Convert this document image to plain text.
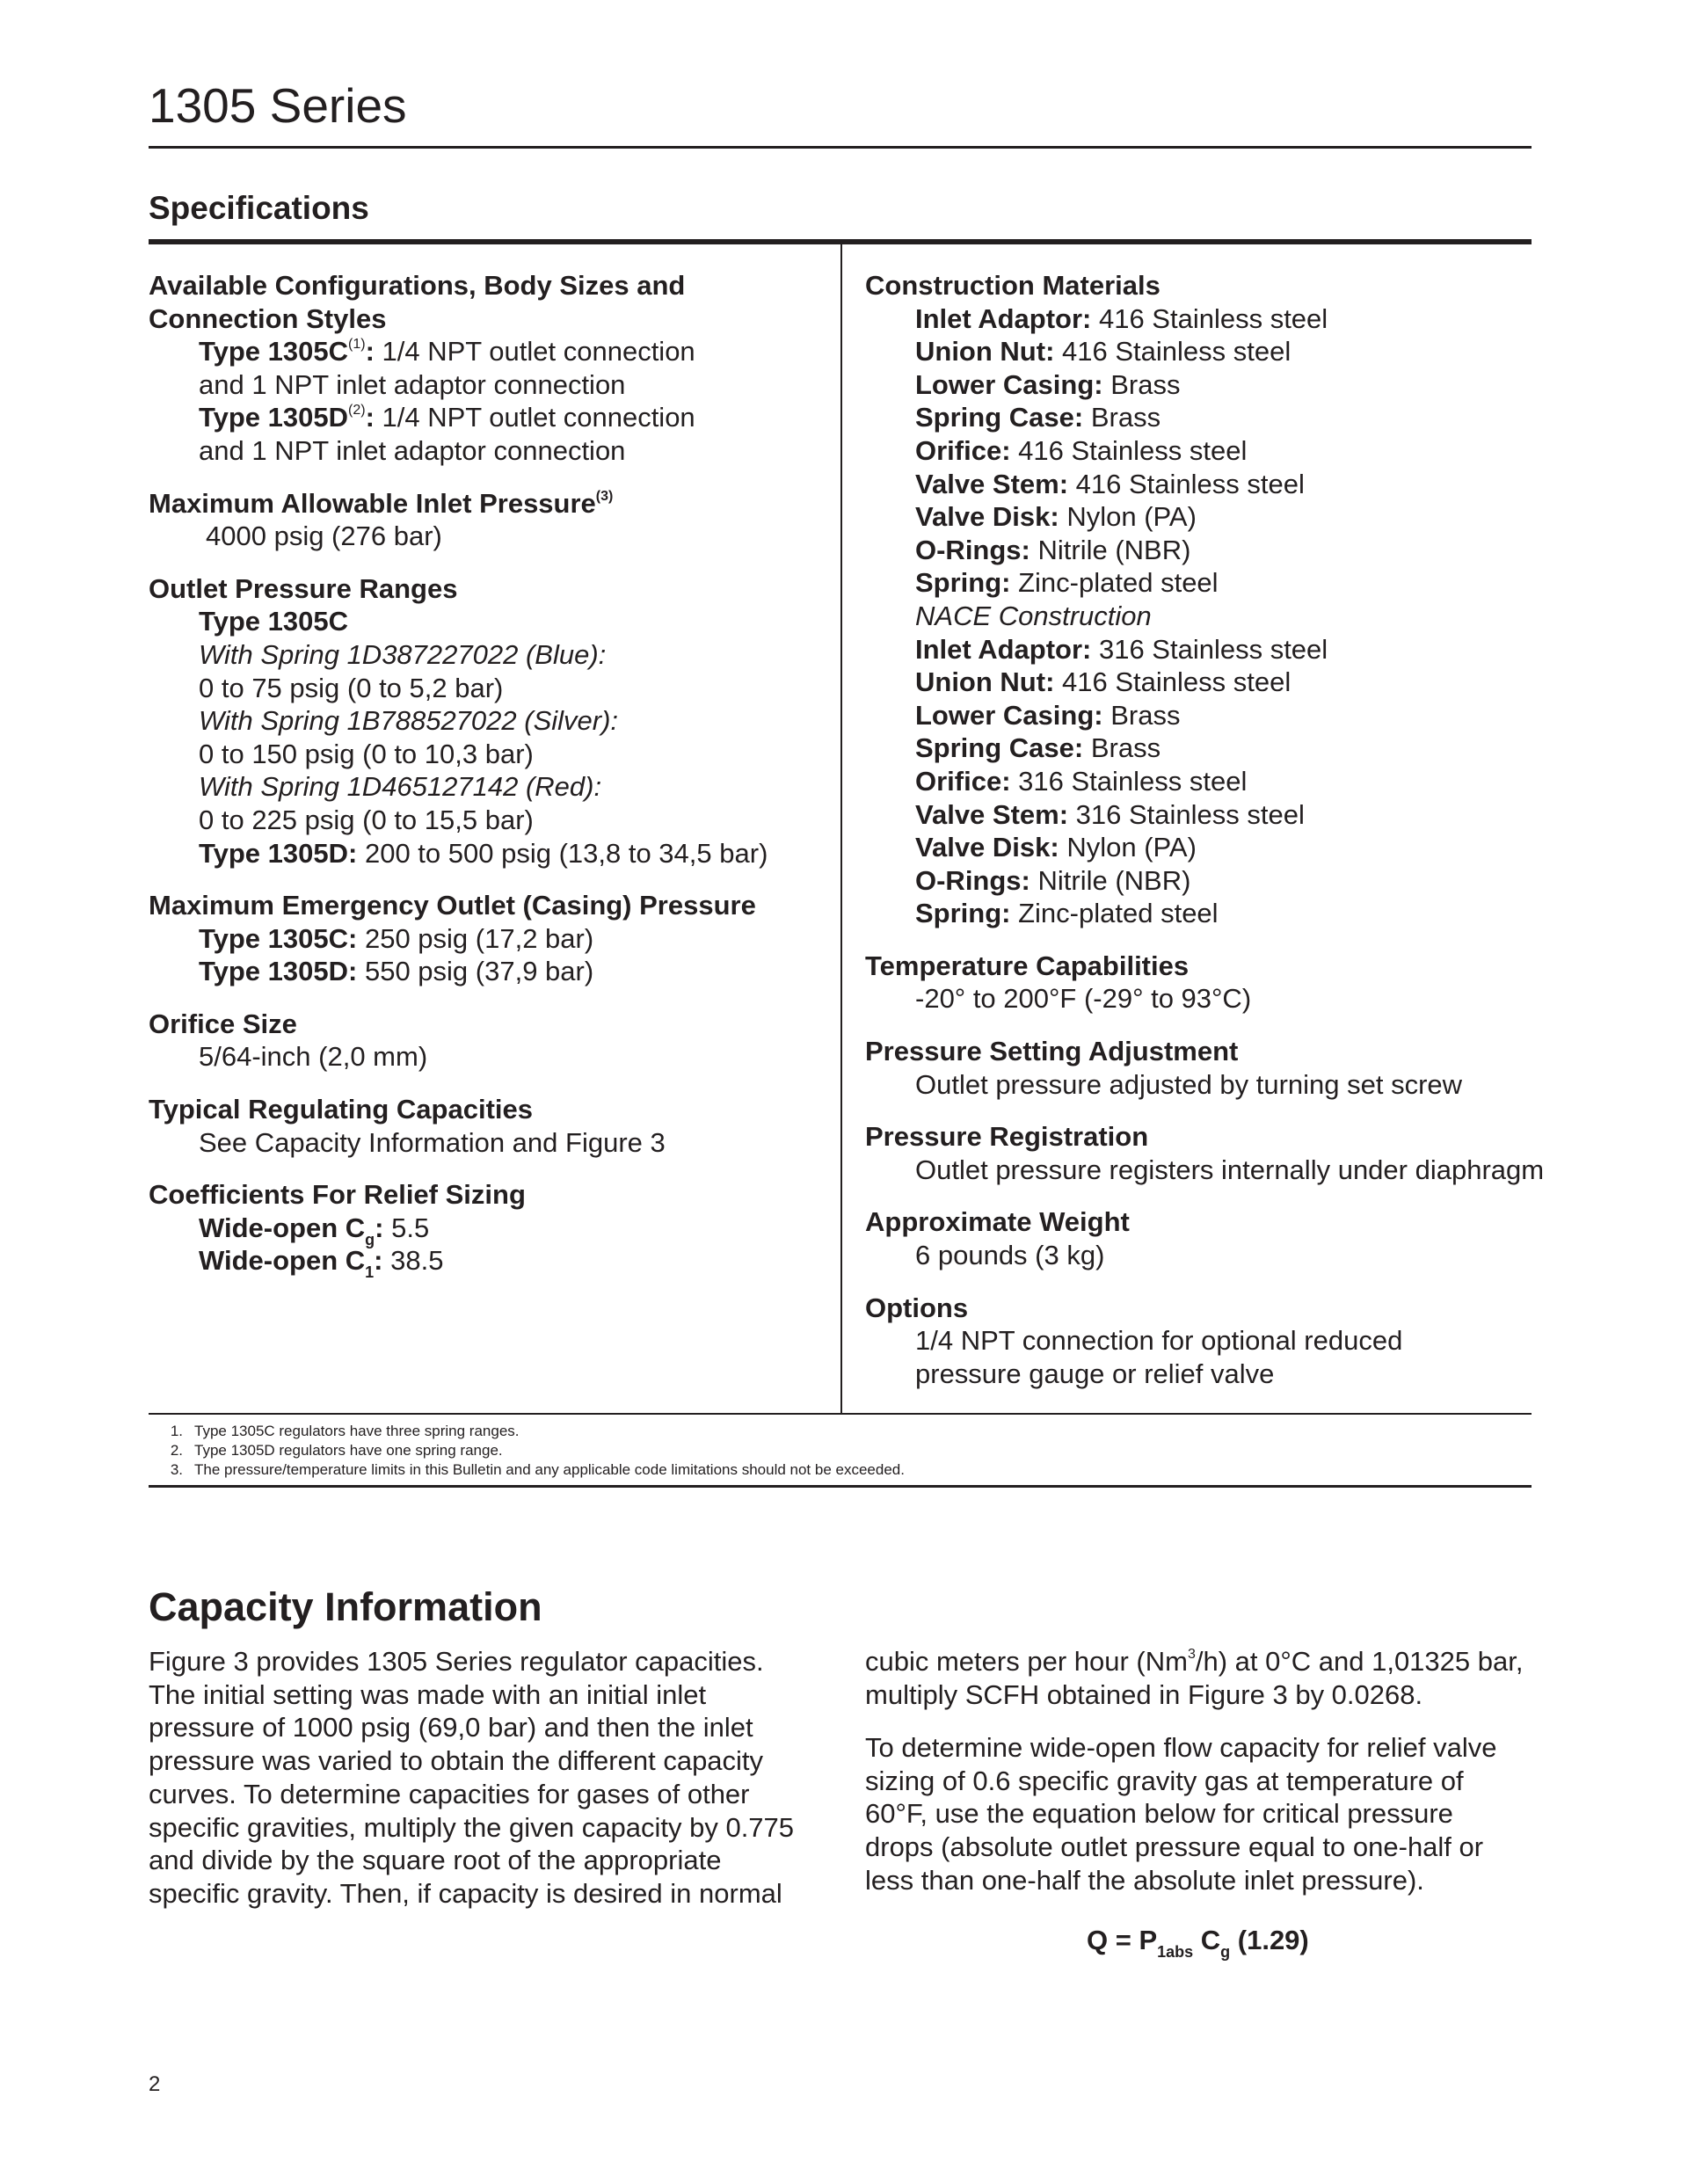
1305 Series
Specifications
Available Configurations, Body Sizes and
Connection Styles
Type $1305C^{(1)}$: 1/4 NPT outlet connection
and 1 NPT inlet adaptor connection
Type $1305D^{(2)}$: 1/4 NPT outlet connection
and 1 NPT inlet adaptor connection
Maximum Allowable Inlet Pressure$^{(3)}$
4000 psig (276 bar)
Outlet Pressure Ranges
Type 1305C
With Spring 1D387227022 (Blue):
0 to 75 psig (0 to 5,2 bar)
With Spring 1B788527022 (Silver):
0 to 150 psig (0 to 10,3 bar)
With Spring 1D465127142 (Red):
0 to 225 psig (0 to 15,5 bar)
Type 1305D: 200 to 500 psig (13,8 to 34,5 bar)
Maximum Emergency Outlet (Casing) Pressure
Type 1305C: 250 psig (17,2 bar)
Type 1305D: 550 psig (37,9 bar)
Orifice Size
5/64-inch (2,0 mm)
Typical Regulating Capacities
See Capacity Information and Figure 3
Coefficients For Relief Sizing
Wide-open $C_g$: 5.5
Wide-open $C_1$: 38.5
Construction Materials
Inlet Adaptor: 416 Stainless steel
Union Nut: 416 Stainless steel
Lower Casing: Brass
Spring Case: Brass
Orifice: 416 Stainless steel
Valve Stem: 416 Stainless steel
Valve Disk: Nylon (PA)
O-Rings: Nitrile (NBR)
Spring: Zinc-plated steel
NACE Construction
Inlet Adaptor: 316 Stainless steel
Union Nut: 416 Stainless steel
Lower Casing: Brass
Spring Case: Brass
Orifice: 316 Stainless steel
Valve Stem: 316 Stainless steel
Valve Disk: Nylon (PA)
O-Rings: Nitrile (NBR)
Spring: Zinc-plated steel
Temperature Capabilities
-20° to 200°F (-29° to 93°C)
Pressure Setting Adjustment
Outlet pressure adjusted by turning set screw
Pressure Registration
Outlet pressure registers internally under diaphragm
Approximate Weight
6 pounds (3 kg)
Options
1/4 NPT connection for optional reduced
pressure gauge or relief valve
1. Type 1305C regulators have three spring ranges.
2. Type 1305D regulators have one spring range.
3. The pressure/temperature limits in this Bulletin and any applicable code limitations should not be exceeded.
Capacity Information
Figure 3 provides 1305 Series regulator capacities.
The initial setting was made with an initial inlet
pressure of 1000 psig (69,0 bar) and then the inlet
pressure was varied to obtain the different capacity
curves. To determine capacities for gases of other
specific gravities, multiply the given capacity by 0.775
and divide by the square root of the appropriate
specific gravity. Then, if capacity is desired in normal
cubic meters per hour (Nm$^3$/h) at 0°C and 1,01325 bar,
multiply SCFH obtained in Figure 3 by 0.0268.
To determine wide-open flow capacity for relief valve
sizing of 0.6 specific gravity gas at temperature of
60°F, use the equation below for critical pressure
drops (absolute outlet pressure equal to one-half or
less than one-half the absolute inlet pressure).
$Q = P_{1abs}$ $C_g$ (1.29)
2
